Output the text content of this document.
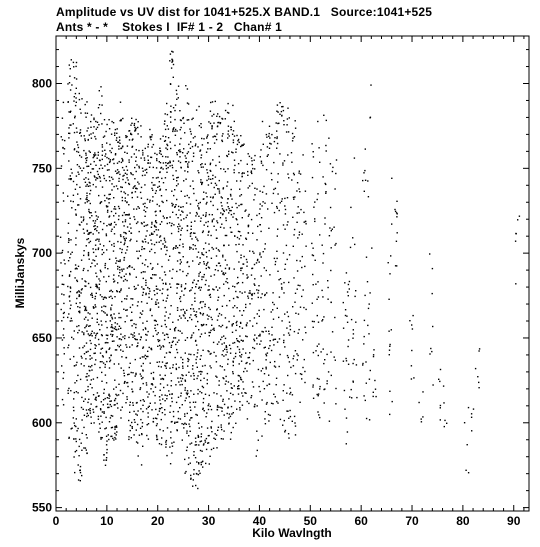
Amplitude vs UV dist for 1041+525.X BAND.1   Source:1041+525
Ants * - *    Stokes I  IF# 1 - 2   Chan# 1
0	10	20	30	40	50	60	70	80	90
550
600
650
700
750
800
Kilo Wavlngth
MilliJanskys
